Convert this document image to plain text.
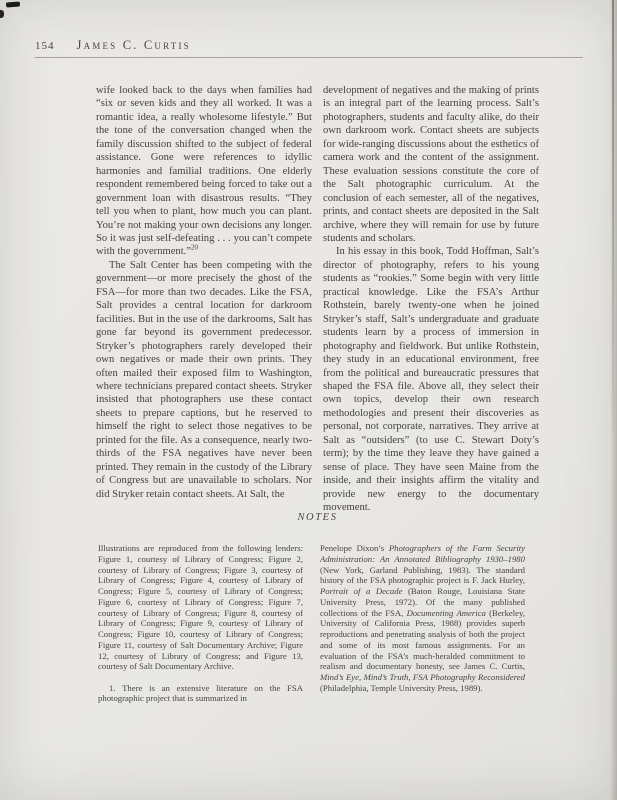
154 James C. Curtis

wife looked back to the days when families had “six or seven kids and they all worked. It was a romantic idea, a really wholesome lifestyle.” But the tone of the conversation changed when the family discussion shifted to the subject of federal assistance. Gone were references to idyllic harmonies and familial traditions. One elderly respondent remembered being forced to take out a government loan with disastrous results. “They tell you when to plant, how much you can plant. You’re not making your own decisions any longer. So it was just self-defeating . . . you can’t compete with the government.”$^{20}$

The Salt Center has been competing with the government—or more precisely the ghost of the FSA—for more than two decades. Like the FSA, Salt provides a central location for darkroom facilities. But in the use of the darkrooms, Salt has gone far beyond its government predecessor. Stryker’s photographers rarely developed their own negatives or made their own prints. They often mailed their exposed film to Washington, where technicians prepared contact sheets. Stryker insisted that photographers use these contact sheets to prepare captions, but he reserved to himself the right to select those negatives to be printed for the file. As a consequence, nearly two-thirds of the FSA negatives have never been printed. They remain in the custody of the Library of Congress but are unavailable to scholars. Nor did Stryker retain contact sheets. At Salt, the

development of negatives and the making of prints is an integral part of the learning process. Salt’s photographers, students and faculty alike, do their own darkroom work. Contact sheets are subjects for wide-ranging discussions about the esthetics of camera work and the content of the assignment. These evaluation sessions constitute the core of the Salt photographic curriculum. At the conclusion of each semester, all of the negatives, prints, and contact sheets are deposited in the Salt archive, where they will remain for use by future students and scholars.

In his essay in this book, Todd Hoffman, Salt’s director of photography, refers to his young students as “rookies.” Some begin with very little practical knowledge. Like the FSA’s Arthur Rothstein, barely twenty-one when he joined Stryker’s staff, Salt’s undergraduate and graduate students learn by a process of immersion in photography and fieldwork. But unlike Rothstein, they study in an educational environment, free from the political and bureaucratic pressures that shaped the FSA file. Above all, they select their own topics, develop their own research methodologies and present their discoveries as personal, not corporate, narratives. They arrive at Salt as “outsiders” (to use C. Stewart Doty’s term); by the time they leave they have gained a sense of place. They have seen Maine from the inside, and their insights affirm the vitality and provide new energy to the documentary movement.

NOTES

Illustrations are reproduced from the following lenders: Figure 1, courtesy of Library of Congress; Figure 2, courtesy of Library of Congress; Figure 3, courtesy of Library of Congress; Figure 4, courtesy of Library of Congress; Figure 5, courtesy of Library of Congress; Figure 6, courtesy of Library of Congress; Figure 7, courtesy of Library of Congress; Figure 8, courtesy of Library of Congress; Figure 9, courtesy of Library of Congress; Figure 10, courtesy of Library of Congress; Figure 11, courtesy of Salt Documentary Archive; Figure 12, courtesy of Library of Congress; and Figure 13, courtesy of Salt Documentary Archive.

1. There is an extensive literature on the FSA photographic project that is summarized in

Penelope Dixon’s Photographers of the Farm Security Administration: An Annotated Bibliography 1930–1980 (New York, Garland Publishing, 1983). The standard history of the FSA photographic project is F. Jack Hurley, Portrait of a Decade (Baton Rouge, Louisiana State University Press, 1972). Of the many published collections of the FSA, Documenting America (Berkeley, University of California Press, 1988) provides superb reproductions and penetrating analysis of both the project and some of its most famous assignments. For an evaluation of the FSA’s much-heralded commitment to realism and documentary honesty, see James C. Curtis, Mind’s Eye, Mind’s Truth, FSA Photography Reconsidered (Philadelphia, Temple University Press, 1989).
